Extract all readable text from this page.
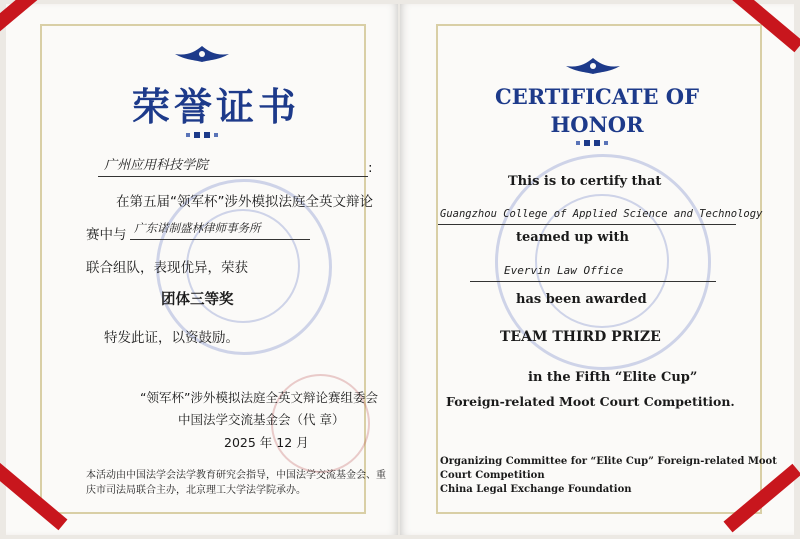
荣誉证书
广州应用科技学院	:
在第五届“领军杯”涉外模拟法庭全英文辩论
赛中与 广东诺制盛林律师事务所
联合组队，表现优异，荣获
团体三等奖
特发此证，以资鼓励。
“领军杯”涉外模拟法庭全英文辩论赛组委会
中国法学交流基金会（代 章）
2025 年 12 月
本活动由中国法学会法学教育研究会指导，中国法学交流基金会、重
庆市司法局联合主办，北京理工大学法学院承办。
CERTIFICATE OF
HONOR
This is to certify that
Guangzhou College of Applied Science and Technology
teamed up with
Evervin Law Office
has been awarded
TEAM THIRD PRIZE
in the Fifth “Elite Cup”
Foreign-related Moot Court Competition.
Organizing Committee for “Elite Cup” Foreign-related Moot
Court Competition
China Legal Exchange Foundation
